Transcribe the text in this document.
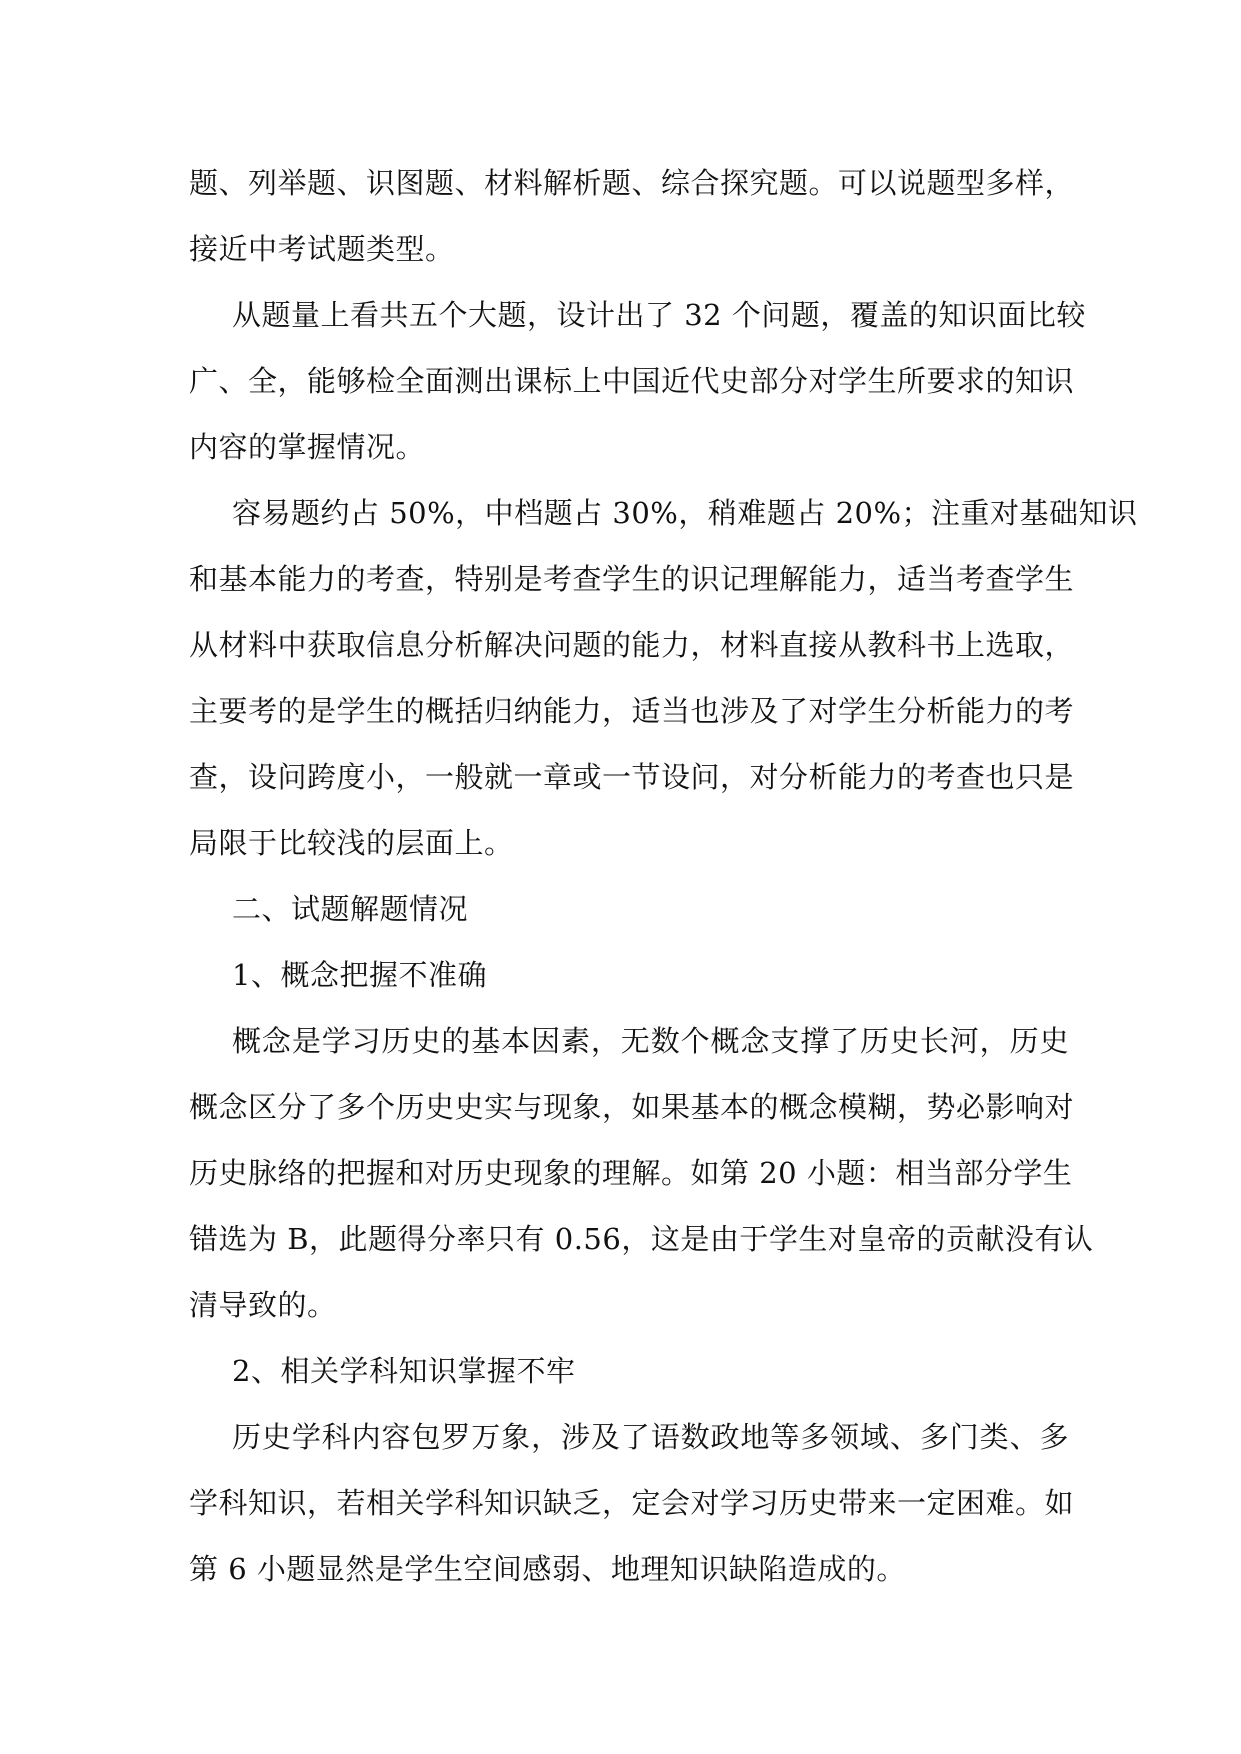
题、列举题、识图题、材料解析题、综合探究题。可以说题型多样，
接近中考试题类型。
从题量上看共五个大题，设计出了 32 个问题，覆盖的知识面比较
广、全，能够检全面测出课标上中国近代史部分对学生所要求的知识
内容的掌握情况。
容易题约占 50%，中档题占 30%，稍难题占 20%；注重对基础知识
和基本能力的考查，特别是考查学生的识记理解能力，适当考查学生
从材料中获取信息分析解决问题的能力，材料直接从教科书上选取，
主要考的是学生的概括归纳能力，适当也涉及了对学生分析能力的考
查，设问跨度小，一般就一章或一节设问，对分析能力的考查也只是
局限于比较浅的层面上。
二、试题解题情况
1、概念把握不准确
概念是学习历史的基本因素，无数个概念支撑了历史长河，历史
概念区分了多个历史史实与现象，如果基本的概念模糊，势必影响对
历史脉络的把握和对历史现象的理解。如第 20 小题：相当部分学生
错选为 B，此题得分率只有 0.56，这是由于学生对皇帝的贡献没有认
清导致的。
2、相关学科知识掌握不牢
历史学科内容包罗万象，涉及了语数政地等多领域、多门类、多
学科知识，若相关学科知识缺乏，定会对学习历史带来一定困难。如
第 6 小题显然是学生空间感弱、地理知识缺陷造成的。
